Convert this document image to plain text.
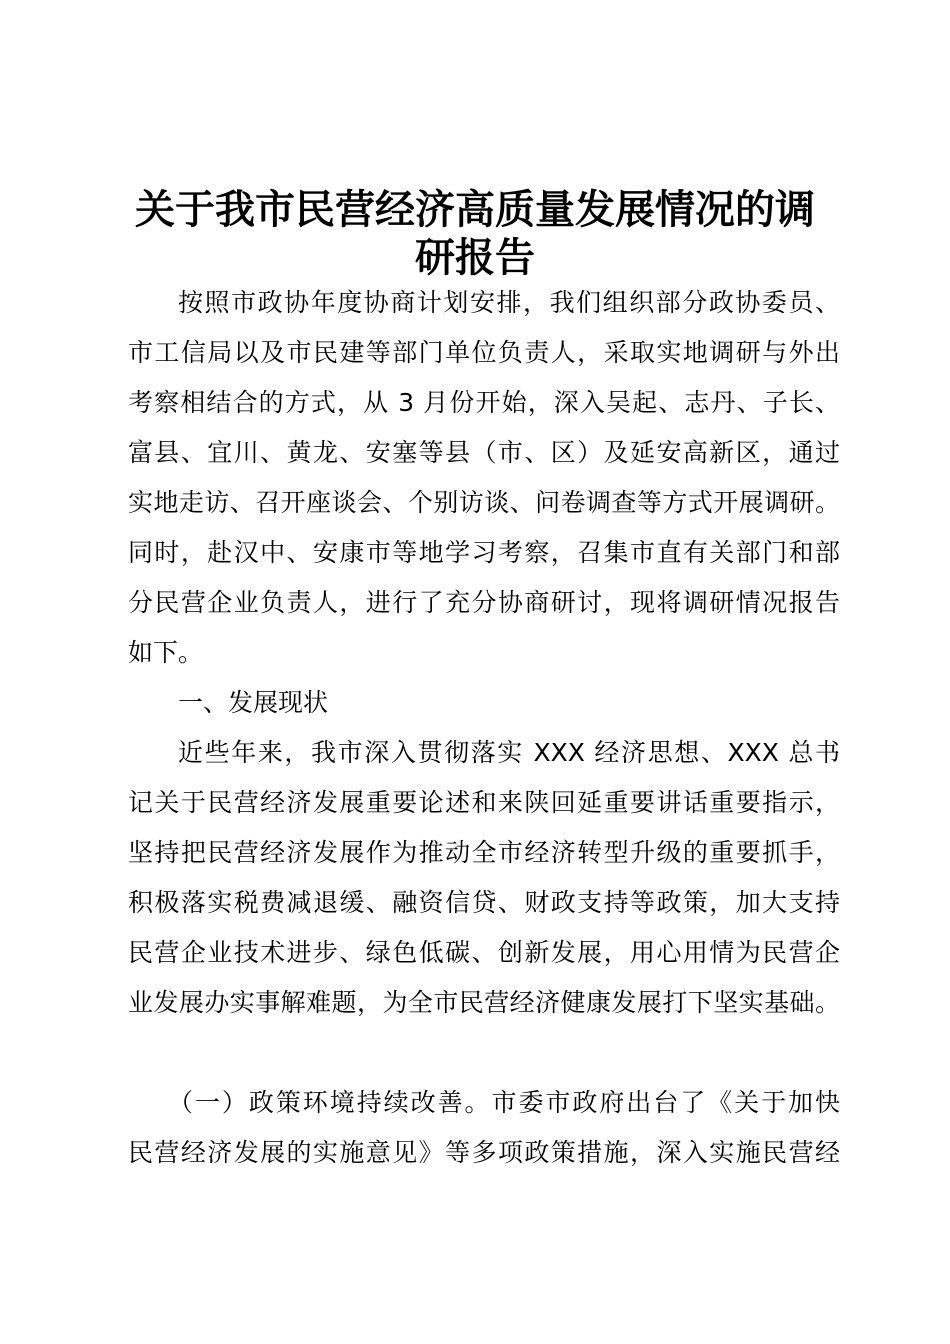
关于我市民营经济高质量发展情况的调
研报告
按照市政协年度协商计划安排，我们组织部分政协委员、
市工信局以及市民建等部门单位负责人，采取实地调研与外出
考察相结合的方式，从 3 月份开始，深入吴起、志丹、子长、
富县、宜川、黄龙、安塞等县（市、区）及延安高新区，通过
实地走访、召开座谈会、个别访谈、问卷调查等方式开展调研。
同时，赴汉中、安康市等地学习考察，召集市直有关部门和部
分民营企业负责人，进行了充分协商研讨，现将调研情况报告
如下。
一、发展现状
近些年来，我市深入贯彻落实 XXX 经济思想、XXX 总书
记关于民营经济发展重要论述和来陕回延重要讲话重要指示，
坚持把民营经济发展作为推动全市经济转型升级的重要抓手，
积极落实税费减退缓、融资信贷、财政支持等政策，加大支持
民营企业技术进步、绿色低碳、创新发展，用心用情为民营企
业发展办实事解难题，为全市民营经济健康发展打下坚实基础。
（一）政策环境持续改善。市委市政府出台了《关于加快
民营经济发展的实施意见》等多项政策措施，深入实施民营经
